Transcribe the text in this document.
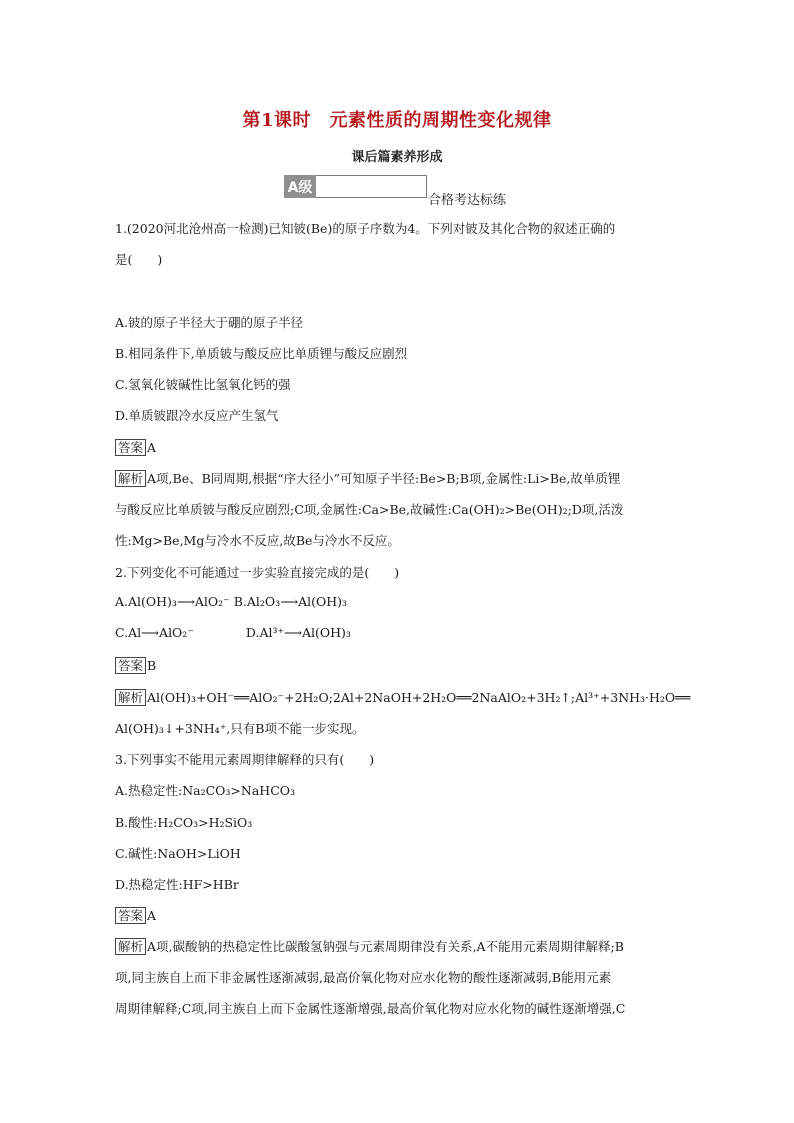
第1课时　元素性质的周期性变化规律
课后篇素养形成
A级
合格考达标练
1.(2020河北沧州高一检测)已知铍(Be)的原子序数为4。下列对铍及其化合物的叙述正确的
是(　　)
A.铍的原子半径大于硼的原子半径
B.相同条件下,单质铍与酸反应比单质锂与酸反应剧烈
C.氢氧化铍碱性比氢氧化钙的强
D.单质铍跟冷水反应产生氢气
答案 A
解析 A项,Be、B同周期,根据“序大径小”可知原子半径:Be>B;B项,金属性:Li>Be,故单质锂
与酸反应比单质铍与酸反应剧烈;C项,金属性:Ca>Be,故碱性:Ca(OH)₂>Be(OH)₂;D项,活泼
性:Mg>Be,Mg与冷水不反应,故Be与冷水不反应。
2.下列变化不可能通过一步实验直接完成的是(　　)
A.Al(OH)₃⟶AlO₂⁻ B.Al₂O₃⟶Al(OH)₃
C.Al⟶AlO₂⁻	D.Al³⁺⟶Al(OH)₃
答案 B
解析 Al(OH)₃+OH⁻══AlO₂⁻+2H₂O;2Al+2NaOH+2H₂O══2NaAlO₂+3H₂↑;Al³⁺+3NH₃·H₂O══
Al(OH)₃↓+3NH₄⁺,只有B项不能一步实现。
3.下列事实不能用元素周期律解释的只有(　　)
A.热稳定性:Na₂CO₃>NaHCO₃
B.酸性:H₂CO₃>H₂SiO₃
C.碱性:NaOH>LiOH
D.热稳定性:HF>HBr
答案 A
解析 A项,碳酸钠的热稳定性比碳酸氢钠强与元素周期律没有关系,A不能用元素周期律解释;B
项,同主族自上而下非金属性逐渐减弱,最高价氧化物对应水化物的酸性逐渐减弱,B能用元素
周期律解释;C项,同主族自上而下金属性逐渐增强,最高价氧化物对应水化物的碱性逐渐增强,C
